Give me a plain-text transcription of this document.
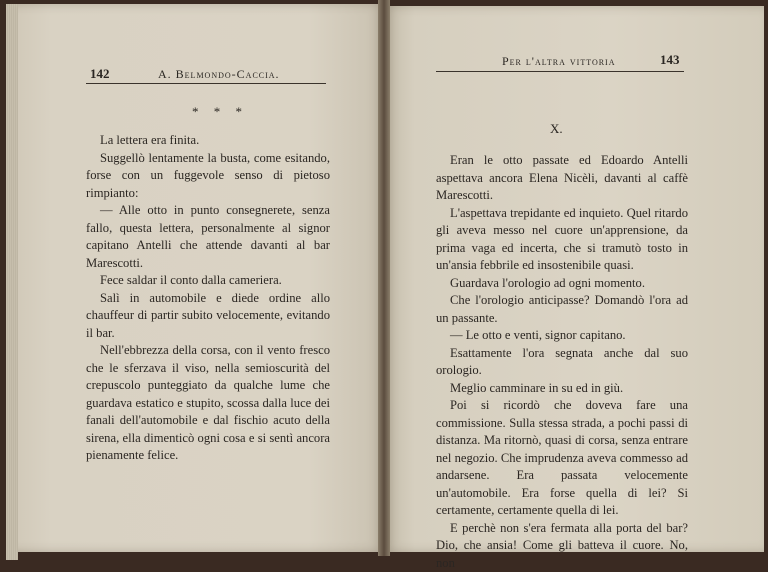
142	A. Belmondo-Caccia.
* * *

La lettera era finita.

Suggellò lentamente la busta, come esitando, forse con un fuggevole senso di pietoso rimpianto:

— Alle otto in punto consegnerete, senza fallo, questa lettera, personalmente al signor capitano Antelli che attende davanti al bar Marescotti.

Fece saldar il conto dalla cameriera.

Salì in automobile e diede ordine allo chauffeur di partir subito velocemente, evitando il bar.

Nell'ebbrezza della corsa, con il vento fresco che le sferzava il viso, nella semioscurità del crepuscolo punteggiato da qualche lume che guardava estatico e stupito, scossa dalla luce dei fanali dell'automobile e dal fischio acuto della sirena, ella dimenticò ogni cosa e si sentì ancora pienamente felice.

Per l'altra vittoria	143
X.

Eran le otto passate ed Edoardo Antelli aspettava ancora Elena Nicèli, davanti al caffè Marescotti.

L'aspettava trepidante ed inquieto. Quel ritardo gli aveva messo nel cuore un'apprensione, da prima vaga ed incerta, che si tramutò tosto in un'ansia febbrile ed insostenibile quasi.

Guardava l'orologio ad ogni momento.

Che l'orologio anticipasse? Domandò l'ora ad un passante.

— Le otto e venti, signor capitano.

Esattamente l'ora segnata anche dal suo orologio.

Meglio camminare in su ed in giù.

Poi si ricordò che doveva fare una commissione. Sulla stessa strada, a pochi passi di distanza. Ma ritornò, quasi di corsa, senza entrare nel negozio. Che imprudenza aveva commesso ad andarsene. Era passata velocemente un'automobile. Era forse quella di lei? Si certamente, certamente quella di lei.

E perchè non s'era fermata alla porta del bar? Dio, che ansia! Come gli batteva il cuore. No, non
